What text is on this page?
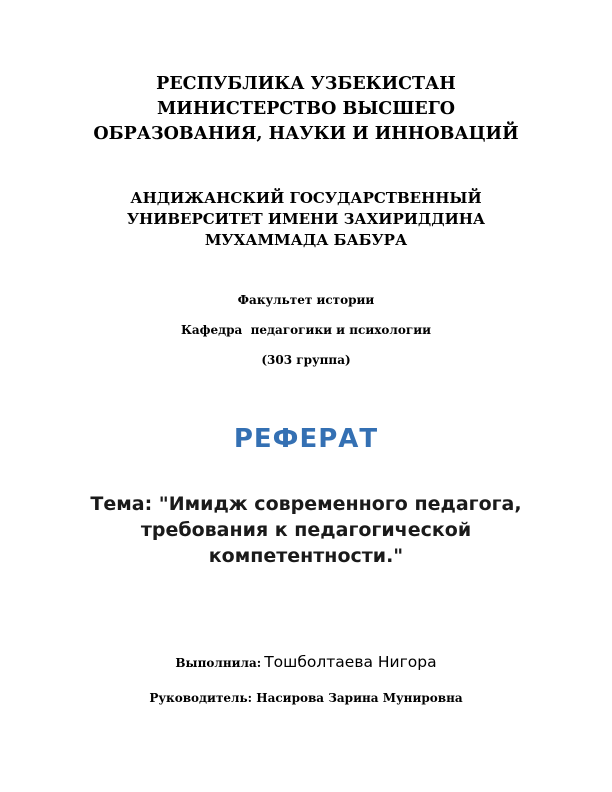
РЕСПУБЛИКА УЗБЕКИСТАН
МИНИСТЕРСТВО ВЫСШЕГО
ОБРАЗОВАНИЯ, НАУКИ И ИННОВАЦИЙ
АНДИЖАНСКИЙ ГОСУДАРСТВЕННЫЙ
УНИВЕРСИТЕТ ИМЕНИ ЗАХИРИДДИНА
МУХАММАДА БАБУРА
Факультет истории
Кафедра  педагогики и психологии
(303 группа)
РЕФЕРАТ
Тема: "Имидж современного педагога,
требования к педагогической
компетентности."
Выполнила: Тошболтаева Нигора
Руководитель: Насирова Зарина Мунировна
